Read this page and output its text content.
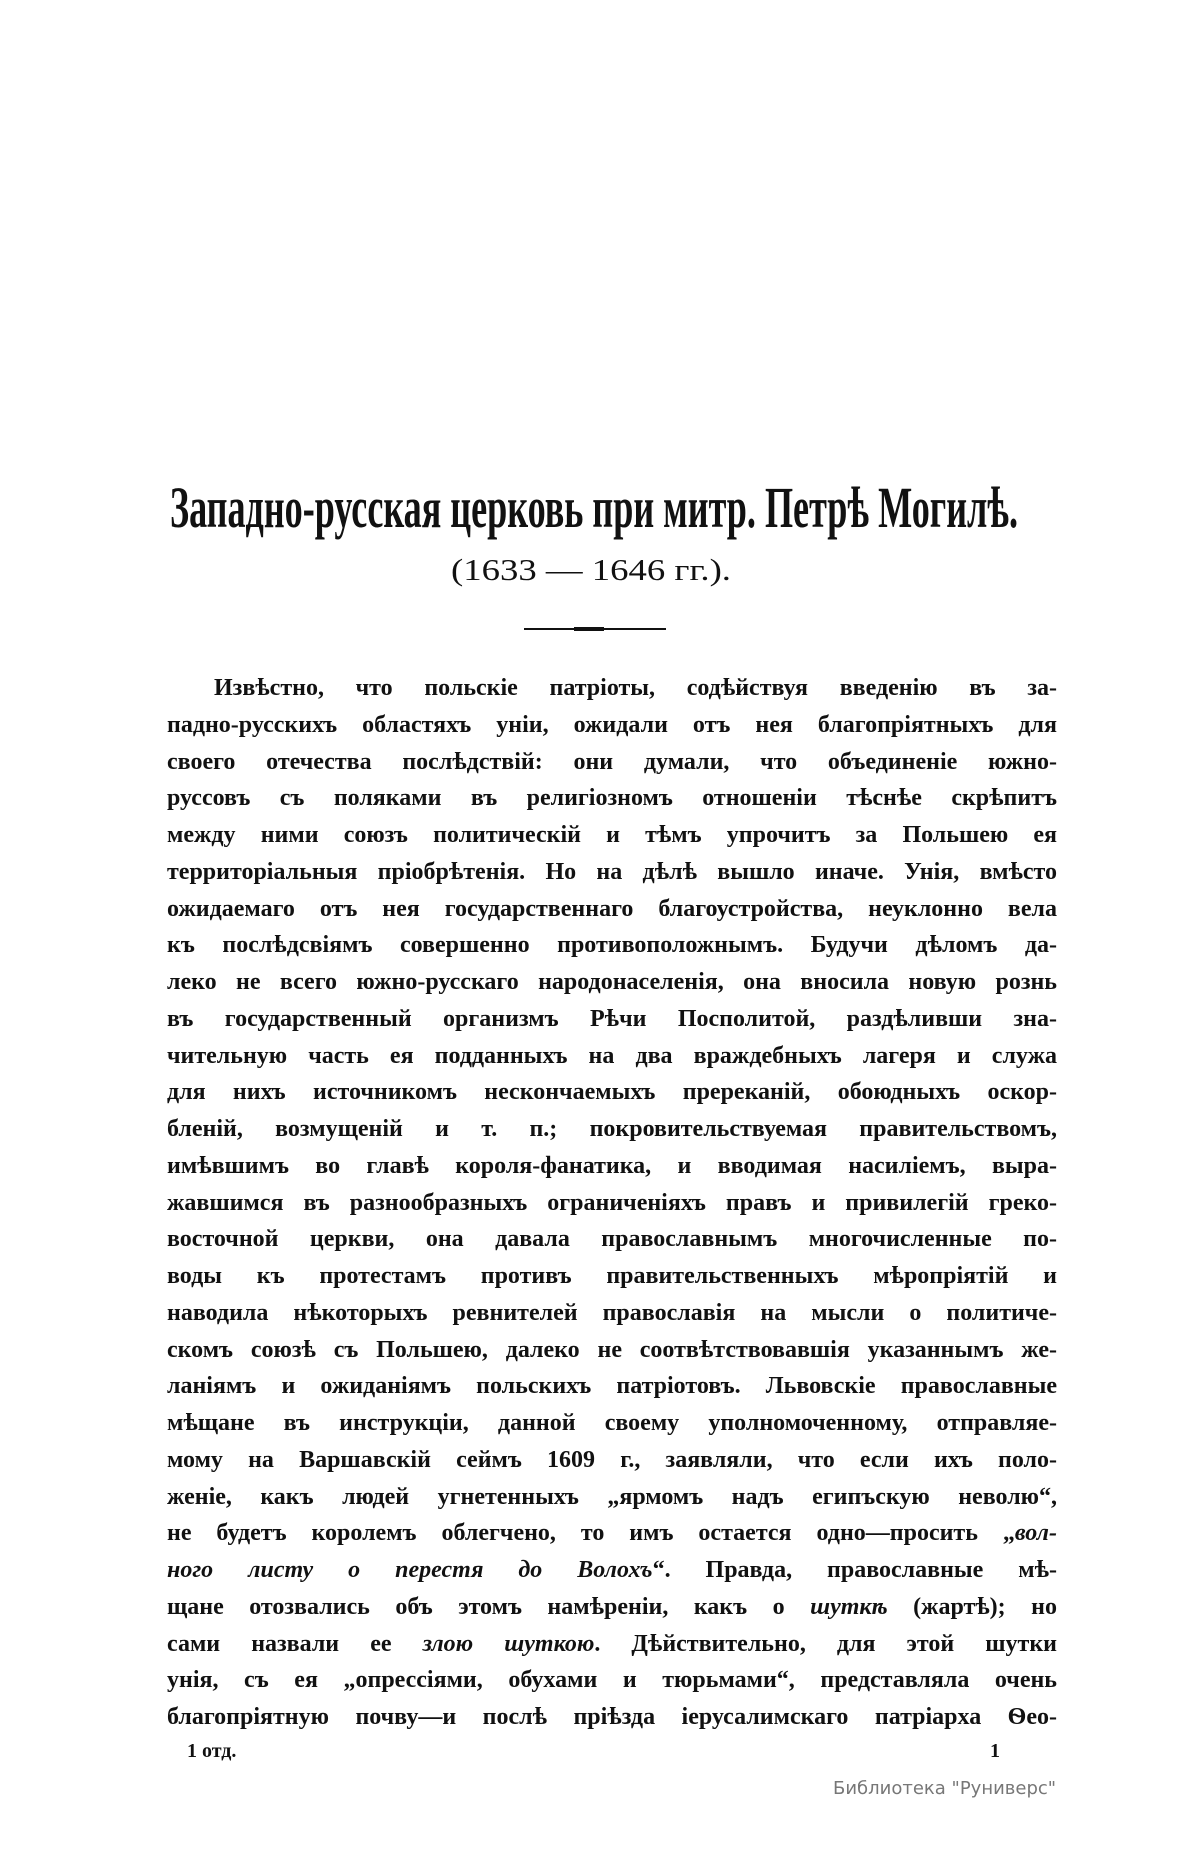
Западно-русская церковь при митр. Петрѣ Могилѣ.
(1633 — 1646 гг.).
Извѣстно, что польскіе патріоты, содѣйствуя введенію въ за-
падно-русскихъ областяхъ уніи, ожидали отъ нея благопріятныхъ для
своего отечества послѣдствій: они думали, что объединеніе южно-
руссовъ съ поляками въ религіозномъ отношеніи тѣснѣе скрѣпитъ
между ними союзъ политическій и тѣмъ упрочитъ за Польшею ея
территоріальныя пріобрѣтенія. Но на дѣлѣ вышло иначе. Унія, вмѣсто
ожидаемаго отъ нея государственнаго благоустройства, неуклонно вела
къ послѣдсвіямъ совершенно противоположнымъ. Будучи дѣломъ да-
леко не всего южно-русскаго народонаселенія, она вносила новую рознь
въ государственный организмъ Рѣчи Посполитой, раздѣливши зна-
чительную часть ея подданныхъ на два враждебныхъ лагеря и служа
для нихъ источникомъ нескончаемыхъ пререканій, обоюдныхъ оскор-
бленій, возмущеній и т. п.; покровительствуемая правительствомъ,
имѣвшимъ во главѣ короля-фанатика, и вводимая насиліемъ, выра-
жавшимся въ разнообразныхъ ограниченіяхъ правъ и привилегій греко-
восточной церкви, она давала православнымъ многочисленные по-
воды къ протестамъ противъ правительственныхъ мѣропріятій и
наводила нѣкоторыхъ ревнителей православія на мысли о политиче-
скомъ союзѣ съ Польшею, далеко не соотвѣтствовавшія указаннымъ же-
ланіямъ и ожиданіямъ польскихъ патріотовъ. Львовскіе православные
мѣщане въ инструкціи, данной своему уполномоченному, отправляе-
мому на Варшавскій сеймъ 1609 г., заявляли, что если ихъ поло-
женіе, какъ людей угнетенныхъ „ярмомъ надъ египъскую неволю“,
не будетъ королемъ облегчено, то имъ остается одно—просить „вол-
ного листу о перестя до Волохъ“. Правда, православные мѣ-
щане отозвались объ этомъ намѣреніи, какъ о шуткѣ (жартѣ); но
сами назвали ее злою шуткою. Дѣйствительно, для этой шутки
унія, съ ея „опрессіями, обухами и тюрьмами“, представляла очень
благопріятную почву—и послѣ пріѣзда іерусалимскаго патріарха Ѳео-
1 отд.	1
Библиотека "Руниверс"
